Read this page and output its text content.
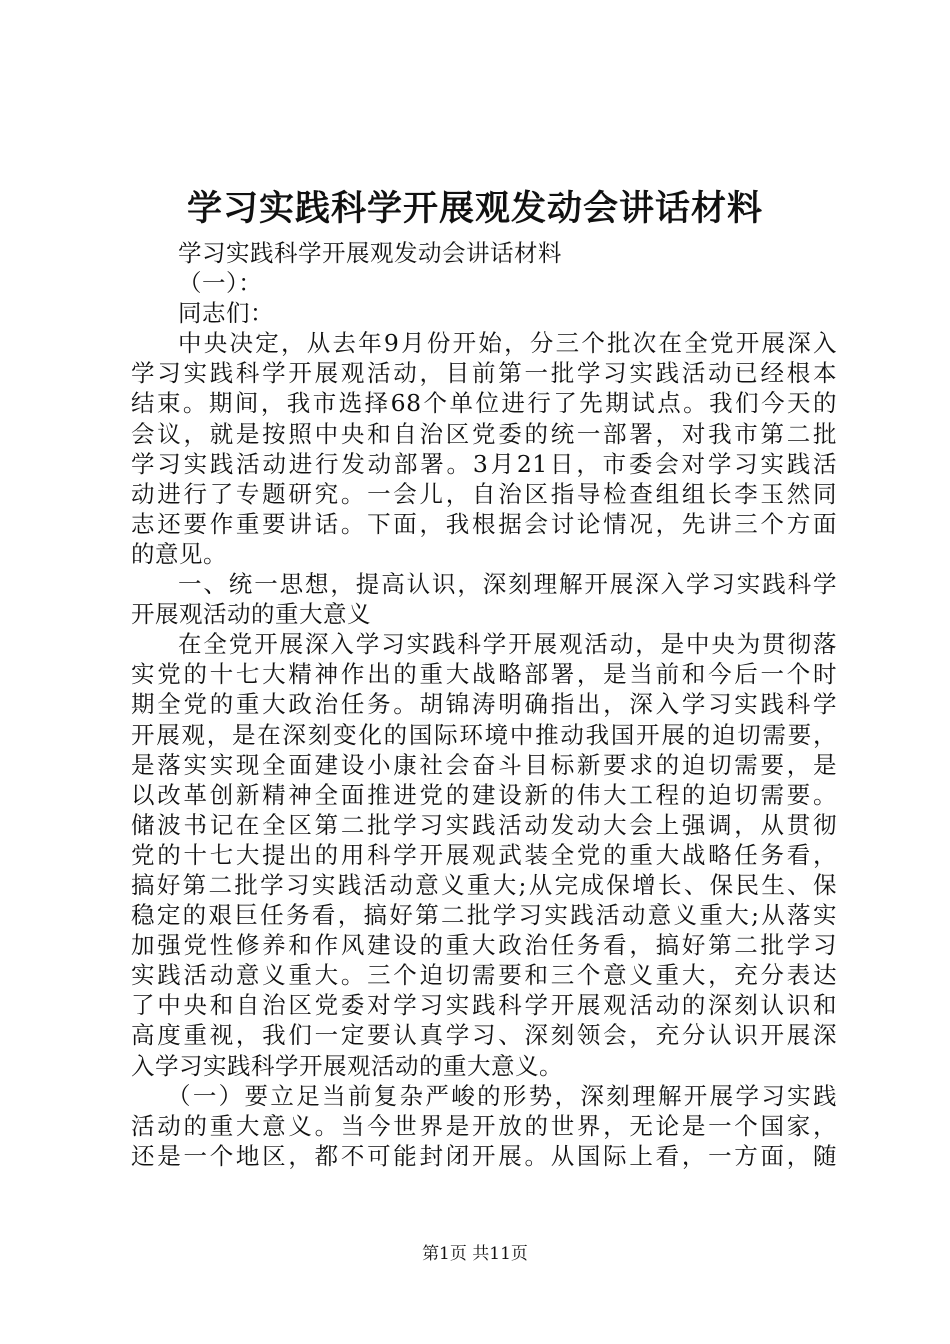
学习实践科学开展观发动会讲话材料
学习实践科学开展观发动会讲话材料
（一）：
同志们：
中央决定，从去年9月份开始，分三个批次在全党开展深入
学习实践科学开展观活动，目前第一批学习实践活动已经根本
结束。期间，我市选择68个单位进行了先期试点。我们今天的
会议，就是按照中央和自治区党委的统一部署，对我市第二批
学习实践活动进行发动部署。3月21日，市委会对学习实践活
动进行了专题研究。一会儿，自治区指导检查组组长李玉然同
志还要作重要讲话。下面，我根据会讨论情况，先讲三个方面
的意见。
一、统一思想，提高认识，深刻理解开展深入学习实践科学
开展观活动的重大意义
在全党开展深入学习实践科学开展观活动，是中央为贯彻落
实党的十七大精神作出的重大战略部署，是当前和今后一个时
期全党的重大政治任务。胡锦涛明确指出，深入学习实践科学
开展观，是在深刻变化的国际环境中推动我国开展的迫切需要，
是落实实现全面建设小康社会奋斗目标新要求的迫切需要，是
以改革创新精神全面推进党的建设新的伟大工程的迫切需要。
储波书记在全区第二批学习实践活动发动大会上强调，从贯彻
党的十七大提出的用科学开展观武装全党的重大战略任务看，
搞好第二批学习实践活动意义重大;从完成保增长、保民生、保
稳定的艰巨任务看，搞好第二批学习实践活动意义重大;从落实
加强党性修养和作风建设的重大政治任务看，搞好第二批学习
实践活动意义重大。三个迫切需要和三个意义重大，充分表达
了中央和自治区党委对学习实践科学开展观活动的深刻认识和
高度重视，我们一定要认真学习、深刻领会，充分认识开展深
入学习实践科学开展观活动的重大意义。
（一）要立足当前复杂严峻的形势，深刻理解开展学习实践
活动的重大意义。当今世界是开放的世界，无论是一个国家，
还是一个地区，都不可能封闭开展。从国际上看，一方面，随
第1页 共11页
